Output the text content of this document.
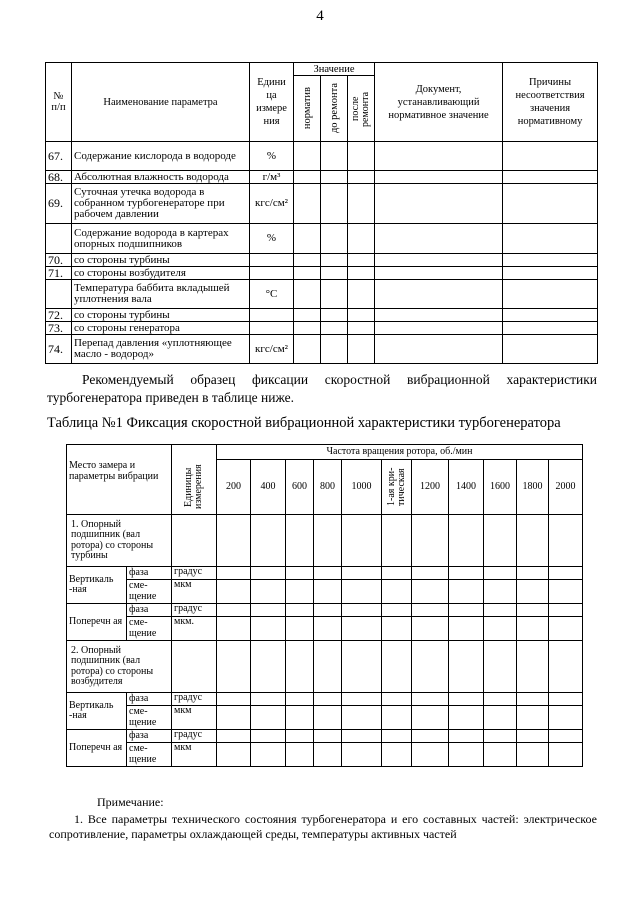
4
№ п/п	Наименование параметра	Едини ца измере ния	Значение			Документ, устанавливающий нормативное значение	Причины несоответствия значения нормативному

			норматив	до ремонта	после ремонта		

67.	Содержание кислорода в водороде	%					
68.	Абсолютная влажность водорода	г/м³					
69.	Суточная утечка водорода в собранном турбогенераторе при рабочем давлении	кгс/см²					
	Содержание водорода в картерах опорных подшипников	%					
70.	со стороны турбины						
71.	со стороны возбудителя						
	Температура баббита вкладышей уплотнения вала	°С					
72.	со стороны турбины						
73.	со стороны генератора						
74.	Перепад давления «уплотняющее масло - водород»	кгс/см²					
Рекомендуемый образец фиксации скоростной вибрационной характеристики турбогенератора приведен в таблице ниже.
Таблица №1 Фиксация скоростной вибрационной характеристики турбогенератора
Место замера и параметры вибрации			Частота вращения ротора, об./мин										

		Единицы измерения	200	400	600	800	1000	1-ая кри-тическая	1200	1400	1600	1800	2000
1. Опорный подшипник (вал ротора) со стороны турбины													
Вертикаль -ная	фаза	градус											
	сме-щение	мкм											
Поперечн ая	фаза	градус											
	сме-щение	мкм.											
2. Опорный подшипник (вал ротора) со стороны возбудителя													
Вертикаль -ная	фаза	градус											
	сме-щение	мкм											
Поперечн ая	фаза	градус											
	сме-щение	мкм											
Примечание:
1. Все параметры технического состояния турбогенератора и его составных частей: электрическое сопротивление, параметры охлаждающей среды, температуры активных частей
